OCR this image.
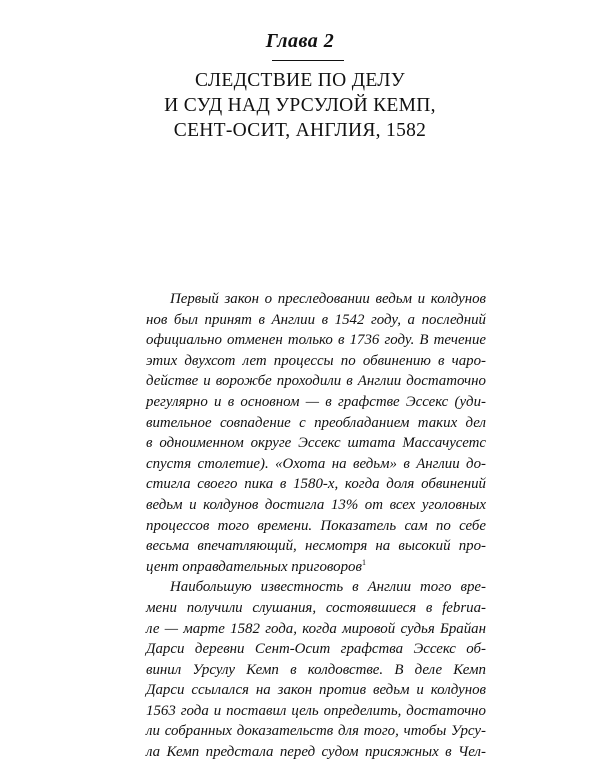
Глава 2
СЛЕДСТВИЕ ПО ДЕЛУ
И СУД НАД УРСУЛОЙ КЕМП,
СЕНТ-ОСИТ, АНГЛИЯ, 1582
Первый закон о преследовании ведьм и колдунов
нов был принят в Англии в 1542 году, а последний
официально отменен только в 1736 году. В течение
этих двухсот лет процессы по обвинению в чаро-
действе и ворожбе проходили в Англии достаточно
регулярно и в основном — в графстве Эссекс (уди-
вительное совпадение с преобладанием таких дел
в одноименном округе Эссекс штата Массачусетс
спустя столетие). «Охота на ведьм» в Англии до-
стигла своего пика в 1580-х, когда доля обвинений
ведьм и колдунов достигла 13% от всех уголовных
процессов того времени. Показатель сам по себе
весьма впечатляющий, несмотря на высокий про-
цент оправдательных приговоров$^1$
Наибольшую известность в Англии того вре-
мени получили слушания, состоявшиеся в februa-
ле — марте 1582 года, когда мировой судья Брайан
Дарси деревни Сент-Осит графства Эссекс об-
винил Урсулу Кемп в колдовстве. В деле Кемп
Дарси ссылался на закон против ведьм и колдунов
1563 года и поставил цель определить, достаточно
ли собранных доказательств для того, чтобы Урсу-
ла Кемп предстала перед судом присяжных в Чел-
